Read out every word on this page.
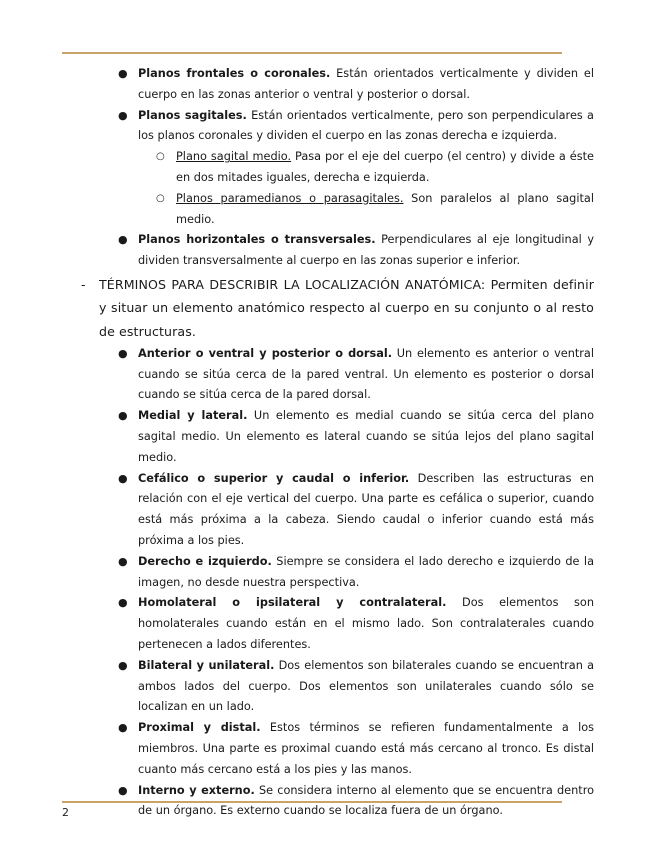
● Planos frontales o coronales. Están orientados verticalmente y dividen el cuerpo en las zonas anterior o ventral y posterior o dorsal.
● Planos sagitales. Están orientados verticalmente, pero son perpendiculares a los planos coronales y dividen el cuerpo en las zonas derecha e izquierda.
○ Plano sagital medio. Pasa por el eje del cuerpo (el centro) y divide a éste en dos mitades iguales, derecha e izquierda.
○ Planos paramedianos o parasagitales. Son paralelos al plano sagital medio.
● Planos horizontales o transversales. Perpendiculares al eje longitudinal y dividen transversalmente al cuerpo en las zonas superior e inferior.
- TÉRMINOS PARA DESCRIBIR LA LOCALIZACIÓN ANATÓMICA: Permiten definir y situar un elemento anatómico respecto al cuerpo en su conjunto o al resto de estructuras.
● Anterior o ventral y posterior o dorsal. Un elemento es anterior o ventral cuando se sitúa cerca de la pared ventral. Un elemento es posterior o dorsal cuando se sitúa cerca de la pared dorsal.
● Medial y lateral. Un elemento es medial cuando se sitúa cerca del plano sagital medio. Un elemento es lateral cuando se sitúa lejos del plano sagital medio.
● Cefálico o superior y caudal o inferior. Describen las estructuras en relación con el eje vertical del cuerpo. Una parte es cefálica o superior, cuando está más próxima a la cabeza. Siendo caudal o inferior cuando está más próxima a los pies.
● Derecho e izquierdo. Siempre se considera el lado derecho e izquierdo de la imagen, no desde nuestra perspectiva.
● Homolateral o ipsilateral y contralateral. Dos elementos son homolaterales cuando están en el mismo lado. Son contralaterales cuando pertenecen a lados diferentes.
● Bilateral y unilateral. Dos elementos son bilaterales cuando se encuentran a ambos lados del cuerpo. Dos elementos son unilaterales cuando sólo se localizan en un lado.
● Proximal y distal. Estos términos se refieren fundamentalmente a los miembros. Una parte es proximal cuando está más cercano al tronco. Es distal cuanto más cercano está a los pies y las manos.
● Interno y externo. Se considera interno al elemento que se encuentra dentro de un órgano. Es externo cuando se localiza fuera de un órgano.
2
